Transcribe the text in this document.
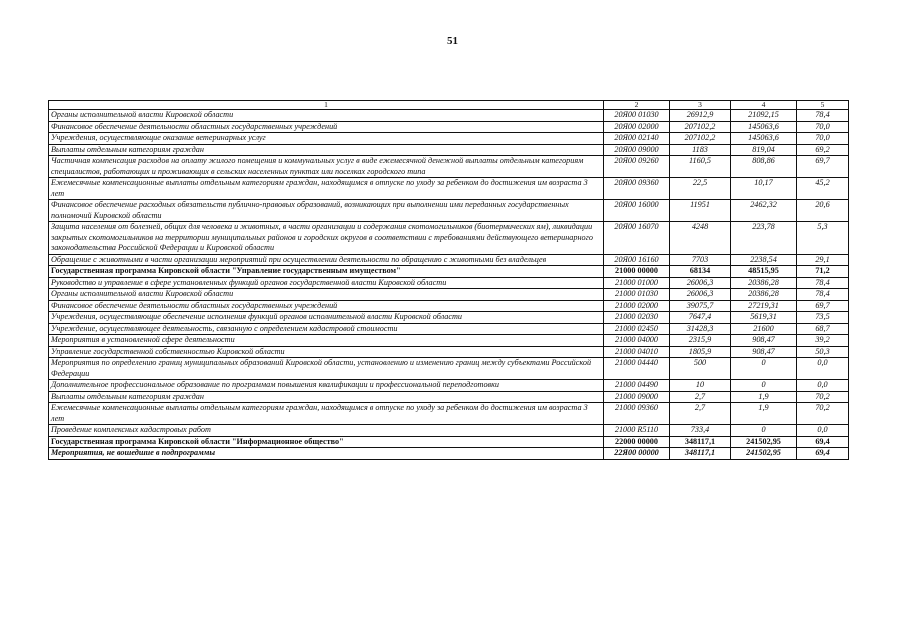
51
1	2	3	4	5
Органы исполнительной власти Кировской области	20Я00 01030	26912,9	21092,15	78,4
Финансовое обеспечение деятельности областных государственных учреждений	20Я00 02000	207102,2	145063,6	70,0
Учреждения, осуществляющие оказание ветеринарных услуг	20Я00 02140	207102,2	145063,6	70,0
Выплаты отдельным категориям граждан	20Я00 09000	1183	819,04	69,2
Частичная компенсация расходов на оплату жилого помещения и коммунальных услуг в виде ежемесячной денежной выплаты отдельным категориям специалистов, работающих и проживающих в сельских населенных пунктах или поселках городского типа	20Я00 09260	1160,5	808,86	69,7
Ежемесячные компенсационные выплаты отдельным категориям граждан, находящимся в отпуске по уходу за ребенком до достижения им возраста 3 лет	20Я00 09360	22,5	10,17	45,2
Финансовое обеспечение расходных обязательств публично-правовых образований, возникающих при выполнении ими переданных государственных полномочий Кировской области	20Я00 16000	11951	2462,32	20,6
Защита населения от болезней, общих для человека и животных, в части организации и содержания скотомогильников (биотермических ям), ликвидации закрытых скотомогильников на территории муниципальных районов и городских округов в соответствии с требованиями действующего ветеринарного законодательства Российской Федерации и Кировской области	20Я00 16070	4248	223,78	5,3
Обращение с животными в части организации мероприятий при осуществлении деятельности по обращению с животными без владельцев	20Я00 16160	7703	2238,54	29,1
Государственная программа Кировской области "Управление государственным имуществом"	21000 00000	68134	48515,95	71,2
Руководство и управление в сфере установленных функций органов государственной власти Кировской области	21000 01000	26006,3	20386,28	78,4
Органы исполнительной власти Кировской области	21000 01030	26006,3	20386,28	78,4
Финансовое обеспечение деятельности областных государственных учреждений	21000 02000	39075,7	27219,31	69,7
Учреждения, осуществляющие обеспечение исполнения функций органов исполнительной власти Кировской области	21000 02030	7647,4	5619,31	73,5
Учреждение, осуществляющее деятельность, связанную с определением кадастровой стоимости	21000 02450	31428,3	21600	68,7
Мероприятия в установленной сфере деятельности	21000 04000	2315,9	908,47	39,2
Управление государственной собственностью Кировской области	21000 04010	1805,9	908,47	50,3
Мероприятия по определению границ муниципальных образований Кировской области, установлению и изменению границ между субъектами Российской Федерации	21000 04440	500	0	0,0
Дополнительное профессиональное образование по программам повышения квалификации и профессиональной переподготовки	21000 04490	10	0	0,0
Выплаты отдельным категориям граждан	21000 09000	2,7	1,9	70,2
Ежемесячные компенсационные выплаты отдельным категориям граждан, находящимся в отпуске по уходу за ребенком до достижения им возраста 3 лет	21000 09360	2,7	1,9	70,2
Проведение комплексных кадастровых работ	21000 R5110	733,4	0	0,0
Государственная программа Кировской области "Информационное общество"	22000 00000	348117,1	241502,95	69,4
Мероприятия, не вошедшие в подпрограммы	22Я00 00000	348117,1	241502,95	69,4
